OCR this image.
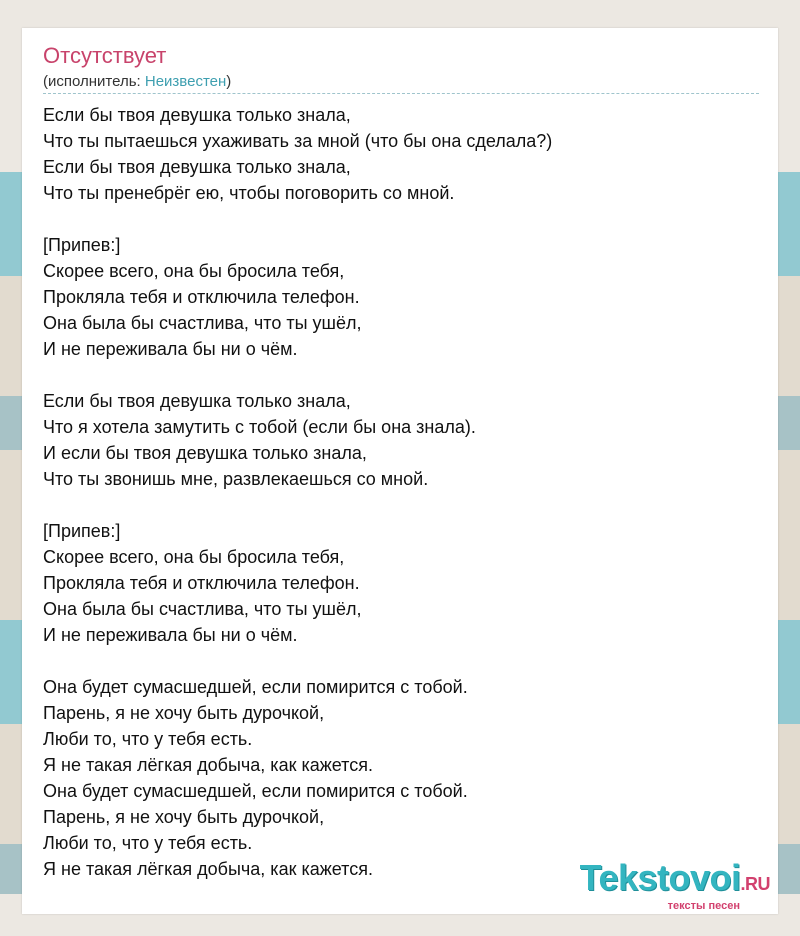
Отсутствует
(исполнитель: Неизвестен)
Если бы твоя девушка только знала,
Что ты пытаешься ухаживать за мной (что бы она сделала?)
Если бы твоя девушка только знала,
Что ты пренебрёг ею, чтобы поговорить со мной.
[Припев:]
Скорее всего, она бы бросила тебя,
Прокляла тебя и отключила телефон.
Она была бы счастлива, что ты ушёл,
И не переживала бы ни о чём.
Если бы твоя девушка только знала,
Что я хотела замутить с тобой (если бы она знала).
И если бы твоя девушка только знала,
Что ты звонишь мне, развлекаешься со мной.
[Припев:]
Скорее всего, она бы бросила тебя,
Прокляла тебя и отключила телефон.
Она была бы счастлива, что ты ушёл,
И не переживала бы ни о чём.
Она будет сумасшедшей, если помирится с тобой.
Парень, я не хочу быть дурочкой,
Люби то, что у тебя есть.
Я не такая лёгкая добыча, как кажется.
Она будет сумасшедшей, если помирится с тобой.
Парень, я не хочу быть дурочкой,
Люби то, что у тебя есть.
Я не такая лёгкая добыча, как кажется.	Tekstovoi.RU
тексты песен
